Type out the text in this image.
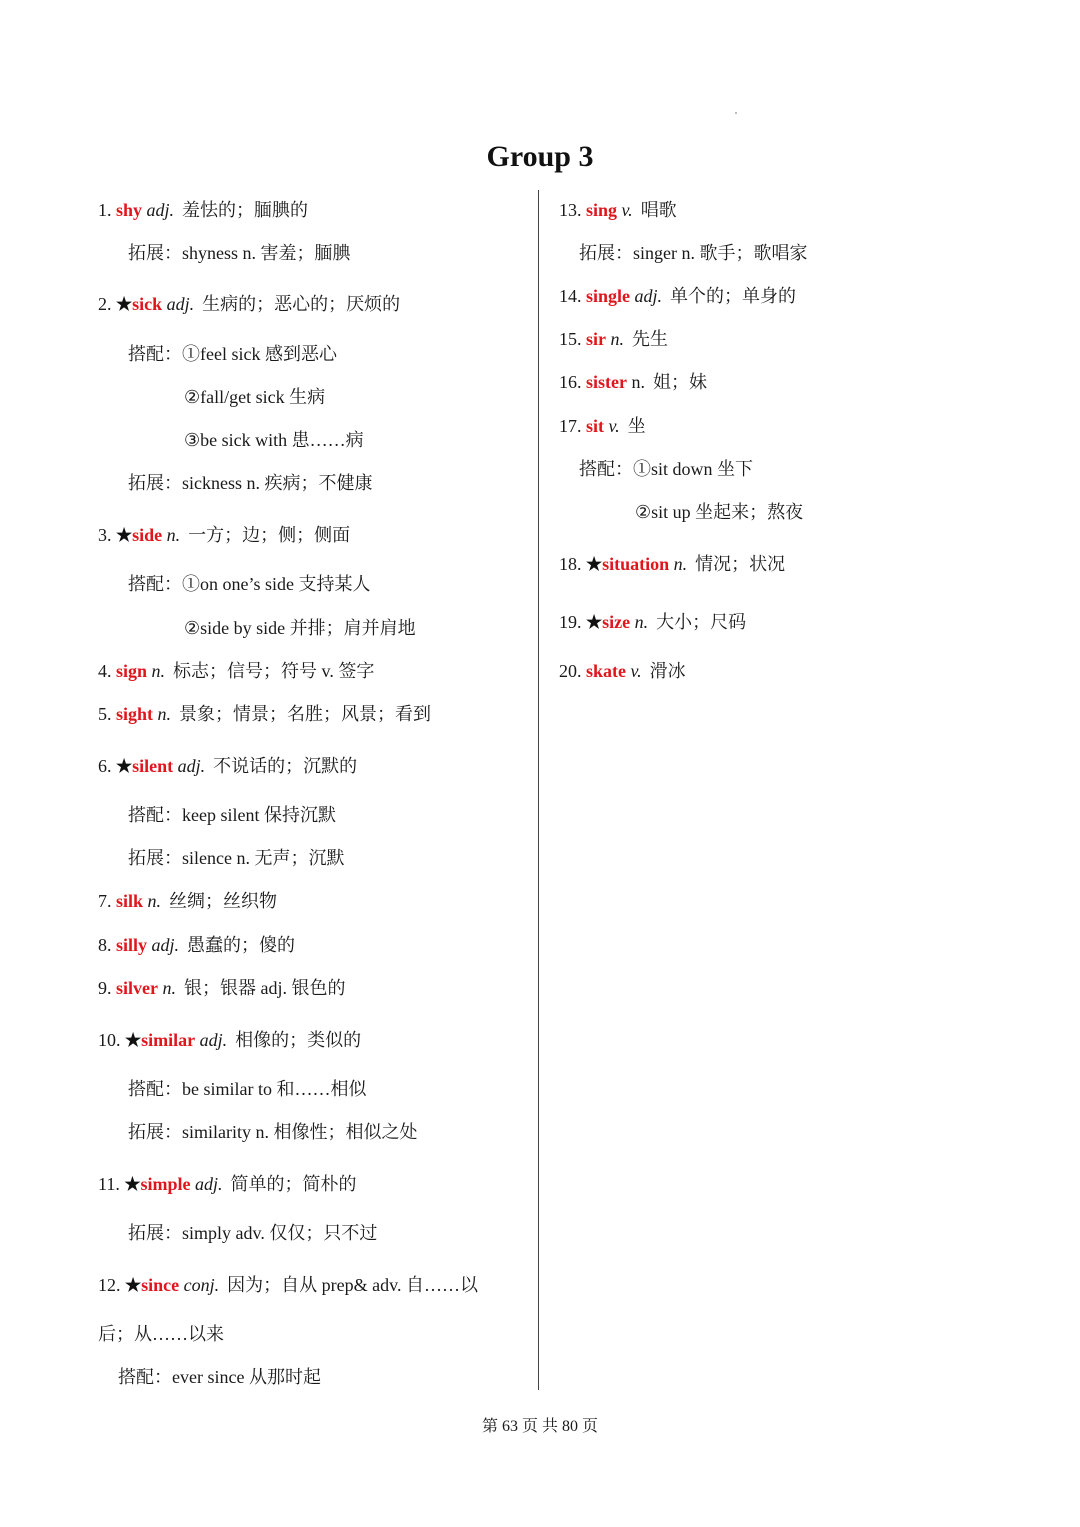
Group 3
1. shy adj. 羞怯的；腼腆的
拓展：shyness n. 害羞；腼腆
2. ★sick adj. 生病的；恶心的；厌烦的
搭配：①feel sick 感到恶心
②fall/get sick 生病
③be sick with 患……病
拓展：sickness n. 疾病；不健康
3. ★side n. 一方；边；侧；侧面
搭配：①on one’s side 支持某人
②side by side 并排；肩并肩地
4. sign n. 标志；信号；符号 v. 签字
5. sight n. 景象；情景；名胜；风景；看到
6. ★silent adj. 不说话的；沉默的
搭配：keep silent 保持沉默
拓展：silence n. 无声；沉默
7. silk n. 丝绸；丝织物
8. silly adj. 愚蠢的；傻的
9. silver n. 银；银器 adj. 银色的
10. ★similar adj. 相像的；类似的
搭配：be similar to 和……相似
拓展：similarity n. 相像性；相似之处
11. ★simple adj. 简单的；简朴的
拓展：simply adv. 仅仅；只不过
12. ★since conj. 因为；自从 prep& adv. 自……以
后；从……以来
搭配：ever since 从那时起
13. sing v. 唱歌
拓展：singer n. 歌手；歌唱家
14. single adj. 单个的；单身的
15. sir n. 先生
16. sister n. 姐；妹
17. sit v. 坐
搭配：①sit down 坐下
②sit up 坐起来；熬夜
18. ★situation n. 情况；状况
19. ★size n. 大小；尺码
20. skate v. 滑冰
第 63 页 共 80 页
